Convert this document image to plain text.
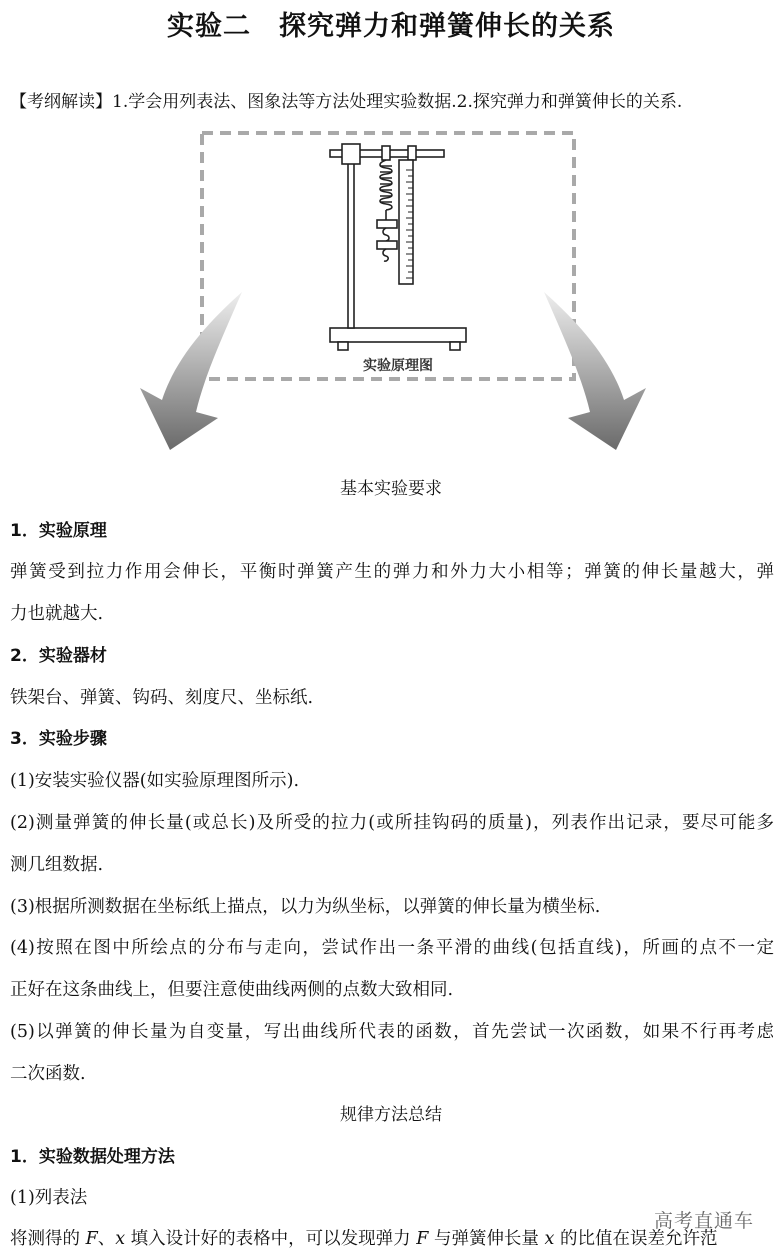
实验二 探究弹力和弹簧伸长的关系
【考纲解读】1.学会用列表法、图象法等方法处理实验数据.2.探究弹力和弹簧伸长的关系.
实验原理图
基本实验要求
1．实验原理
弹簧受到拉力作用会伸长，平衡时弹簧产生的弹力和外力大小相等；弹簧的伸长量越大，弹
力也就越大.
2．实验器材
铁架台、弹簧、钩码、刻度尺、坐标纸.
3．实验步骤
(1)安装实验仪器(如实验原理图所示).
(2)测量弹簧的伸长量(或总长)及所受的拉力(或所挂钩码的质量)，列表作出记录，要尽可能多
测几组数据.
(3)根据所测数据在坐标纸上描点，以力为纵坐标，以弹簧的伸长量为横坐标.
(4)按照在图中所绘点的分布与走向，尝试作出一条平滑的曲线(包括直线)，所画的点不一定
正好在这条曲线上，但要注意使曲线两侧的点数大致相同.
(5)以弹簧的伸长量为自变量，写出曲线所代表的函数，首先尝试一次函数，如果不行再考虑
二次函数.
规律方法总结
1．实验数据处理方法
(1)列表法
将测得的 F、x 填入设计好的表格中，可以发现弹力 F 与弹簧伸长量 x 的比值在误差允许范
高考直通车
